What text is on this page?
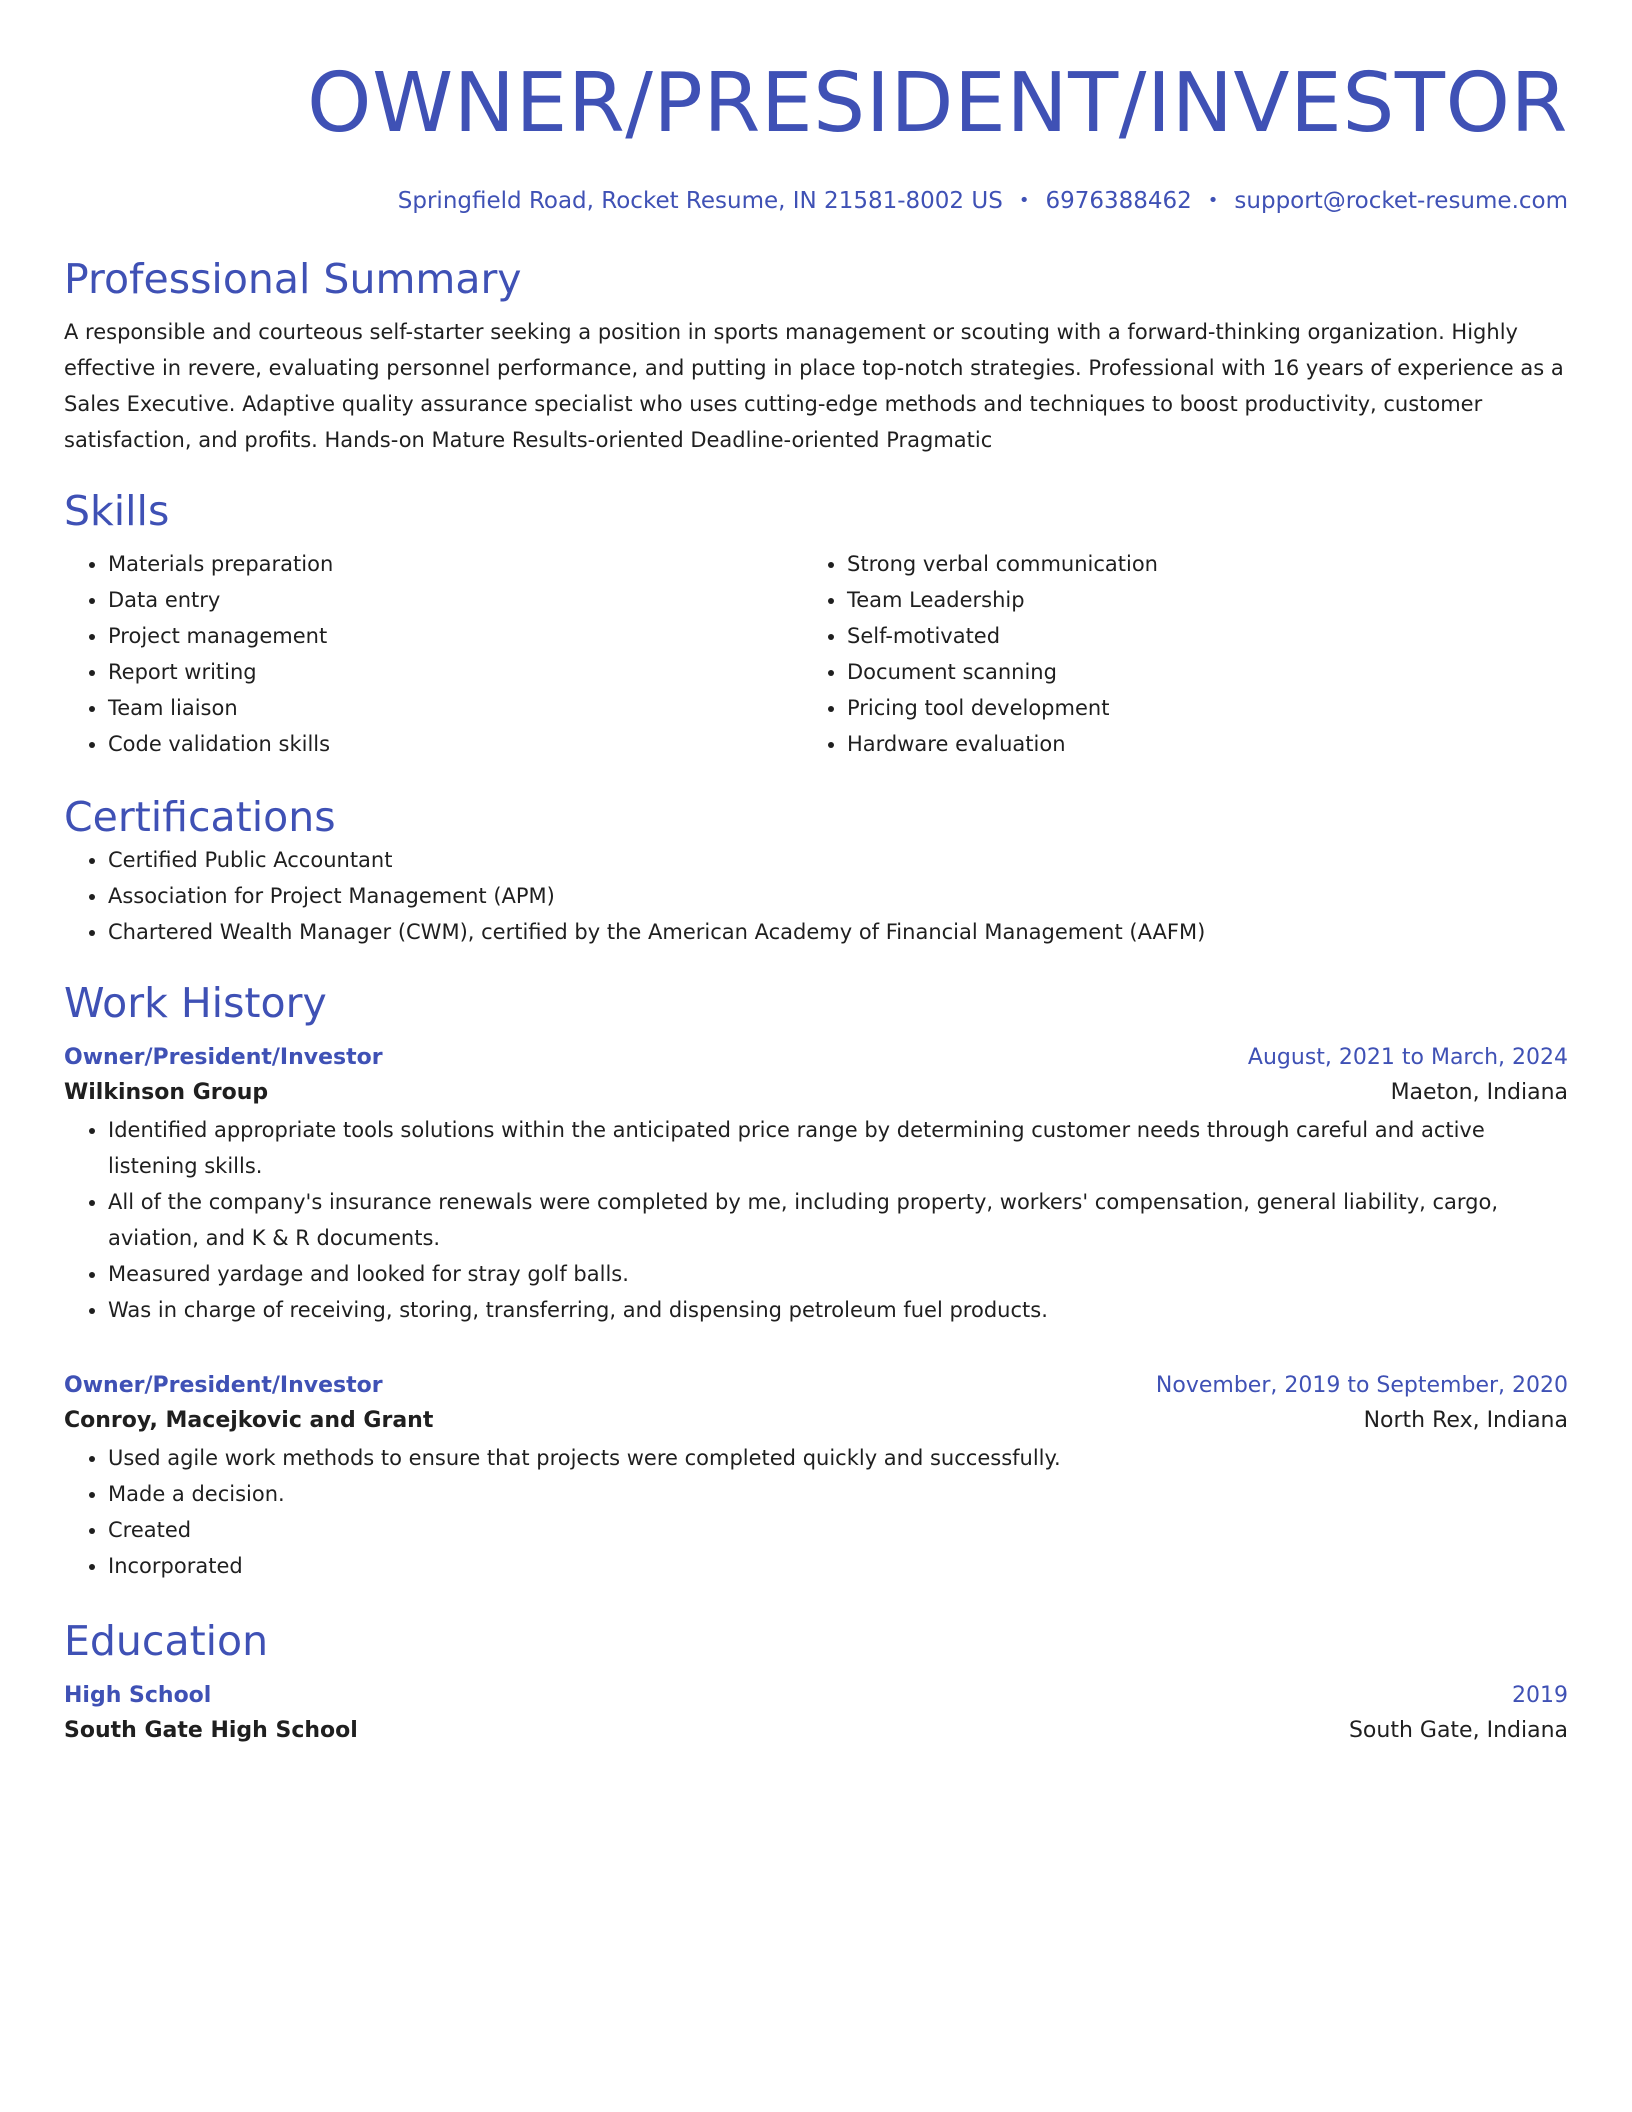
OWNER/PRESIDENT/INVESTOR
Springfield Road, Rocket Resume, IN 21581-8002 US • 6976388462 • support@rocket-resume.com
Professional Summary

A responsible and courteous self-starter seeking a position in sports management or scouting with a forward-thinking organization. Highly effective in revere, evaluating personnel performance, and putting in place top-notch strategies. Professional with 16 years of experience as a Sales Executive. Adaptive quality assurance specialist who uses cutting-edge methods and techniques to boost productivity, customer satisfaction, and profits. Hands-on Mature Results-oriented Deadline-oriented Pragmatic

Skills
• Materials preparation
• Data entry
• Project management
• Report writing
• Team liaison
• Code validation skills
• Strong verbal communication
• Team Leadership
• Self-motivated
• Document scanning
• Pricing tool development
• Hardware evaluation
Certifications
• Certified Public Accountant
• Association for Project Management (APM)
• Chartered Wealth Manager (CWM), certified by the American Academy of Financial Management (AAFM)
Work History
Owner/President/Investor	August, 2021 to March, 2024
Wilkinson Group	Maeton, Indiana
• Identified appropriate tools solutions within the anticipated price range by determining customer needs through careful and active listening skills.
• All of the company's insurance renewals were completed by me, including property, workers' compensation, general liability, cargo, aviation, and K & R documents.
• Measured yardage and looked for stray golf balls.
• Was in charge of receiving, storing, transferring, and dispensing petroleum fuel products.
Owner/President/Investor	November, 2019 to September, 2020
Conroy, Macejkovic and Grant	North Rex, Indiana
• Used agile work methods to ensure that projects were completed quickly and successfully.
• Made a decision.
• Created
• Incorporated
Education
High School	2019
South Gate High School	South Gate, Indiana
